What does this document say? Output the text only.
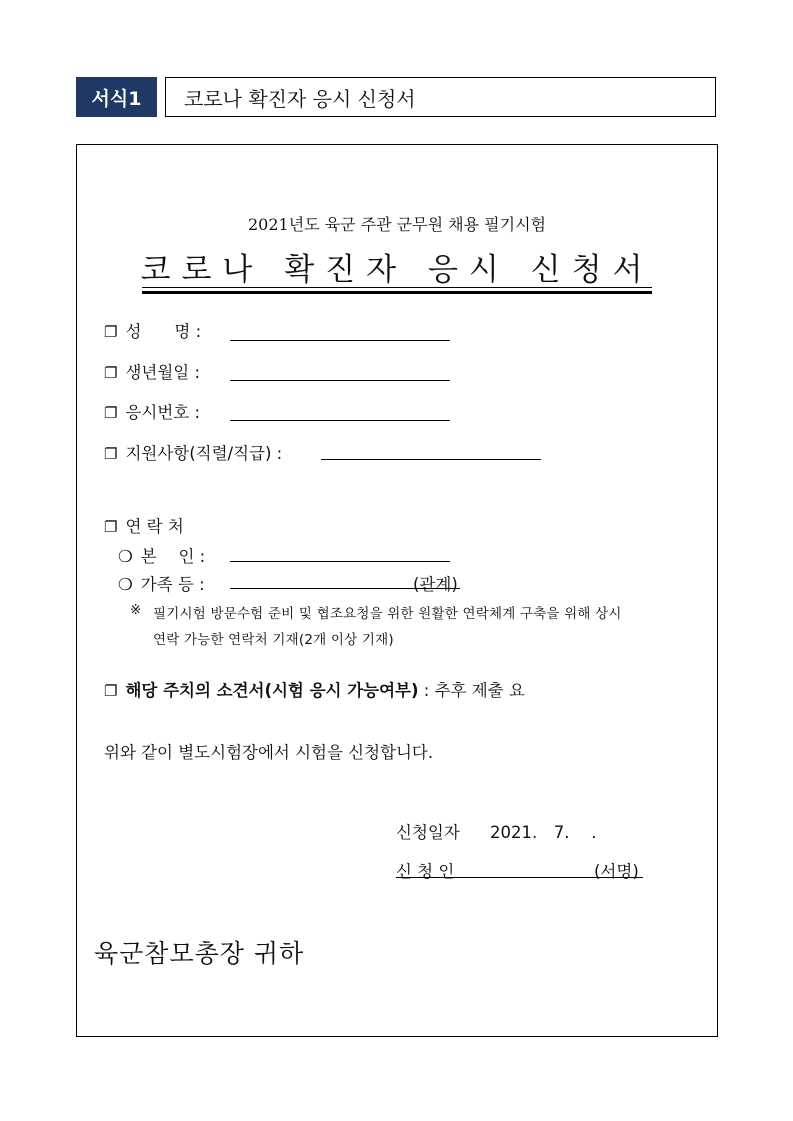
서식1	코로나 확진자 응시 신청서
2021년도 육군 주관 군무원 채용 필기시험
코로나 확진자 응시 신청서
❐ 성　　명 :
❐ 생년월일 :
❐ 응시번호 :
❐ 지원사항(직렬/직급) :
❐ 연 락 처
❍ 본　 인 :
❍ 가족 등 :	(관계)
※ 필기시험 방문수험 준비 및 협조요청을 위한 원활한 연락체계 구축을 위해 상시
연락 가능한 연락처 기재(2개 이상 기재)
❐ 해당 주치의 소견서(시험 응시 가능여부) : 추후 제출 요
위와 같이 별도시험장에서 시험을 신청합니다.
신청일자 2021.　7.　 .
신 청 인	(서명)
육군참모총장 귀하
